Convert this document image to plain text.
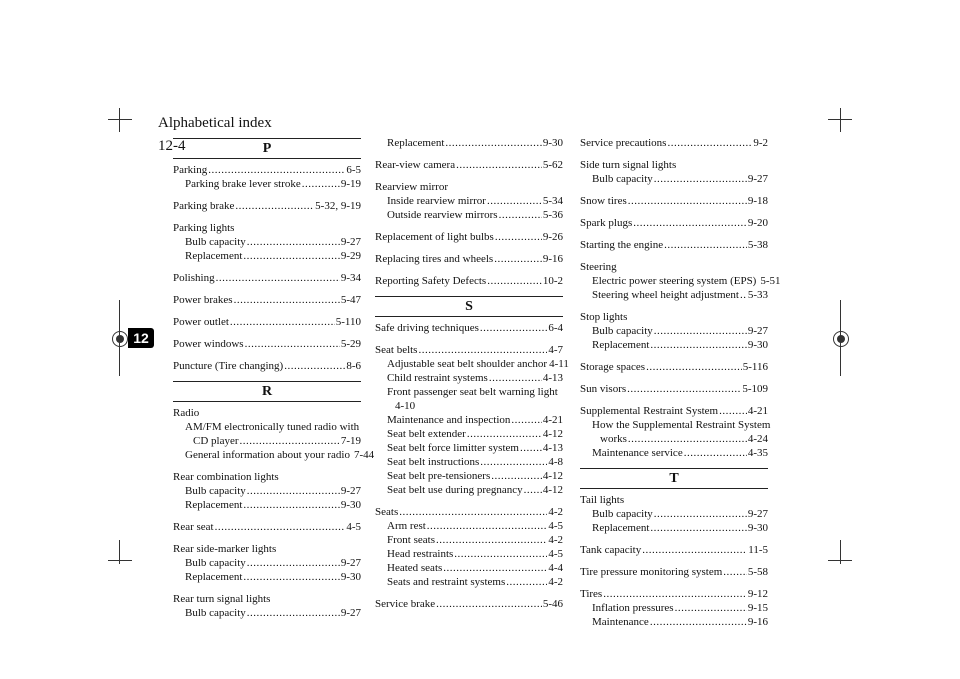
Alphabetical index
12-4
12
P
Parking .....	6-5
Parking brake lever stroke .....	9-19
Parking brake .....	5-32, 9-19
Parking lights
Bulb capacity .....	9-27
Replacement .....	9-29
Polishing .....	9-34
Power brakes .....	5-47
Power outlet .....	5-110
Power windows .....	5-29
Puncture (Tire changing) .....	8-6
R
Radio
AM/FM electronically tuned radio with
CD player .....	7-19
General information about your radio 7-44
Rear combination lights
Bulb capacity .....	9-27
Replacement .....	9-30
Rear seat .....	4-5
Rear side-marker lights
Bulb capacity .....	9-27
Replacement .....	9-30
Rear turn signal lights
Bulb capacity .....	9-27
Replacement .....	9-30
Rear-view camera .....	5-62
Rearview mirror
Inside rearview mirror .....	5-34
Outside rearview mirrors .....	5-36
Replacement of light bulbs .....	9-26
Replacing tires and wheels .....	9-16
Reporting Safety Defects .....	10-2
S
Safe driving techniques .....	6-4
Seat belts .....	4-7
Adjustable seat belt shoulder anchor 4-11
Child restraint systems .....	4-13
Front passenger seat belt warning light
4-10
Maintenance and inspection .....	4-21
Seat belt extender .....	4-12
Seat belt force limitter system ..... 4-13
Seat belt instructions .....	4-8
Seat belt pre-tensioners .....	4-12
Seat belt use during pregnancy ..... 4-12
Seats .....	4-2
Arm rest .....	4-5
Front seats .....	4-2
Head restraints .....	4-5
Heated seats .....	4-4
Seats and restraint systems .....	4-2
Service brake .....	5-46
Service precautions .....	9-2
Side turn signal lights
Bulb capacity .....	9-27
Snow tires .....	9-18
Spark plugs .....	9-20
Starting the engine .....	5-38
Steering
Electric power steering system (EPS) 5-51
Steering wheel height adjustment ..... 5-33
Stop lights
Bulb capacity .....	9-27
Replacement .....	9-30
Storage spaces .....	5-116
Sun visors .....	5-109
Supplemental Restraint System .....	4-21
How the Supplemental Restraint System
works .....	4-24
Maintenance service .....	4-35
T
Tail lights
Bulb capacity .....	9-27
Replacement .....	9-30
Tank capacity .....	11-5
Tire pressure monitoring system ..... 5-58
Tires .....	9-12
Inflation pressures .....	9-15
Maintenance .....	9-16
